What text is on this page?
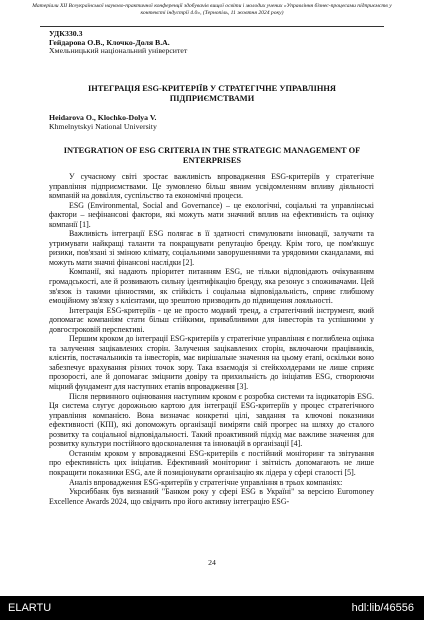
Матеріали XII Всеукраїнської науково-практичної конференції здобувачів вищої освіти і молодих учених «Управління бізнес-процесами підприємств у контексті індустрії 4.0», (Тернопіль, 11 жовтня 2024 року)
УДК330.3
Гейдарова О.В., Клочко-Доля В.А.
Хмельницький національний університет
ІНТЕГРАЦІЯ ESG-КРИТЕРІЇВ У СТРАТЕГІЧНЕ УПРАВЛІННЯ ПІДПРИЄМСТВАМИ
Heidarova O., Klochko-Dolya V.
Khmelnytskyi National University
INTEGRATION OF ESG CRITERIA IN THE STRATEGIC MANAGEMENT OF ENTERPRISES

У сучасному світі зростає важливість впровадження ESG-критеріїв у стратегічне управління підприємствами. Це зумовлено більш явним усвідомленням впливу діяльності компаній на довкілля, суспільство та економічні процеси.

ESG (Environmental, Social and Governance) – це екологічні, соціальні та управлінські фактори – нефінансові фактори, які можуть мати значний вплив на ефективність та оцінку компанії [1].

Важливість інтеграції ESG полягає в її здатності стимулювати інновації, залучати та утримувати найкращі таланти та покращувати репутацію бренду. Крім того, це пом'якшує ризики, пов'язані зі зміною клімату, соціальними заворушеннями та урядовими скандалами, які можуть мати значні фінансові наслідки [2].

Компанії, які надають пріоритет питанням ESG, не тільки відповідають очікуванням громадськості, але й розвивають сильну ідентифікацію бренду, яка резонує з споживачами. Цей зв'язок із такими цінностями, як стійкість і соціальна відповідальність, сприяє глибшому емоційному зв'язку з клієнтами, що зрештою призводить до підвищення лояльності.

Інтеграція ESG-критеріїв - це не просто модний тренд, а стратегічний інструмент, який допомагає компаніям стати більш стійкими, привабливими для інвесторів та успішними у довгостроковій перспективі.

Першим кроком до інтеграції ESG-критеріїв у стратегічне управління є поглиблена оцінка та залучення зацікавлених сторін. Залучення зацікавлених сторін, включаючи працівників, клієнтів, постачальників та інвесторів, має вирішальне значення на цьому етапі, оскільки воно забезпечує врахування різних точок зору. Така взаємодія зі стейкхолдерами не лише сприяє прозорості, але й допомагає зміцнити довіру та прихильність до ініціатив ESG, створюючи міцний фундамент для наступних етапів впровадження [3].

Після первинного оцінювання наступним кроком є розробка системи та індикаторів ESG. Ця система слугує дорожньою картою для інтеграції ESG-критеріїв у процес стратегічного управління компанією. Вона визначає конкретні цілі, завдання та ключові показники ефективності (КПІ), які допоможуть організації виміряти свій прогрес на шляху до сталого розвитку та соціальної відповідальності. Такий проактивний підхід має важливе значення для розвитку культури постійного вдосконалення та інновацій в організації [4].

Останнім кроком у впровадженні ESG-критеріїв є постійний моніторинг та звітування про ефективність цих ініціатив. Ефективний моніторинг і звітність допомагають не лише покращити показники ESG, але й позиціонувати організацію як лідера у сфері сталості [5].

Аналіз впровадження ESG-критеріїв у стратегічне управління в трьох компаніях:

Укрсиббанк був визнаний "Банком року у сфері ESG в Україні" за версією Euromoney Excellence Awards 2024, що свідчить про його активну інтеграцію ESG-

24
ELARTU	hdl:lib/46556
